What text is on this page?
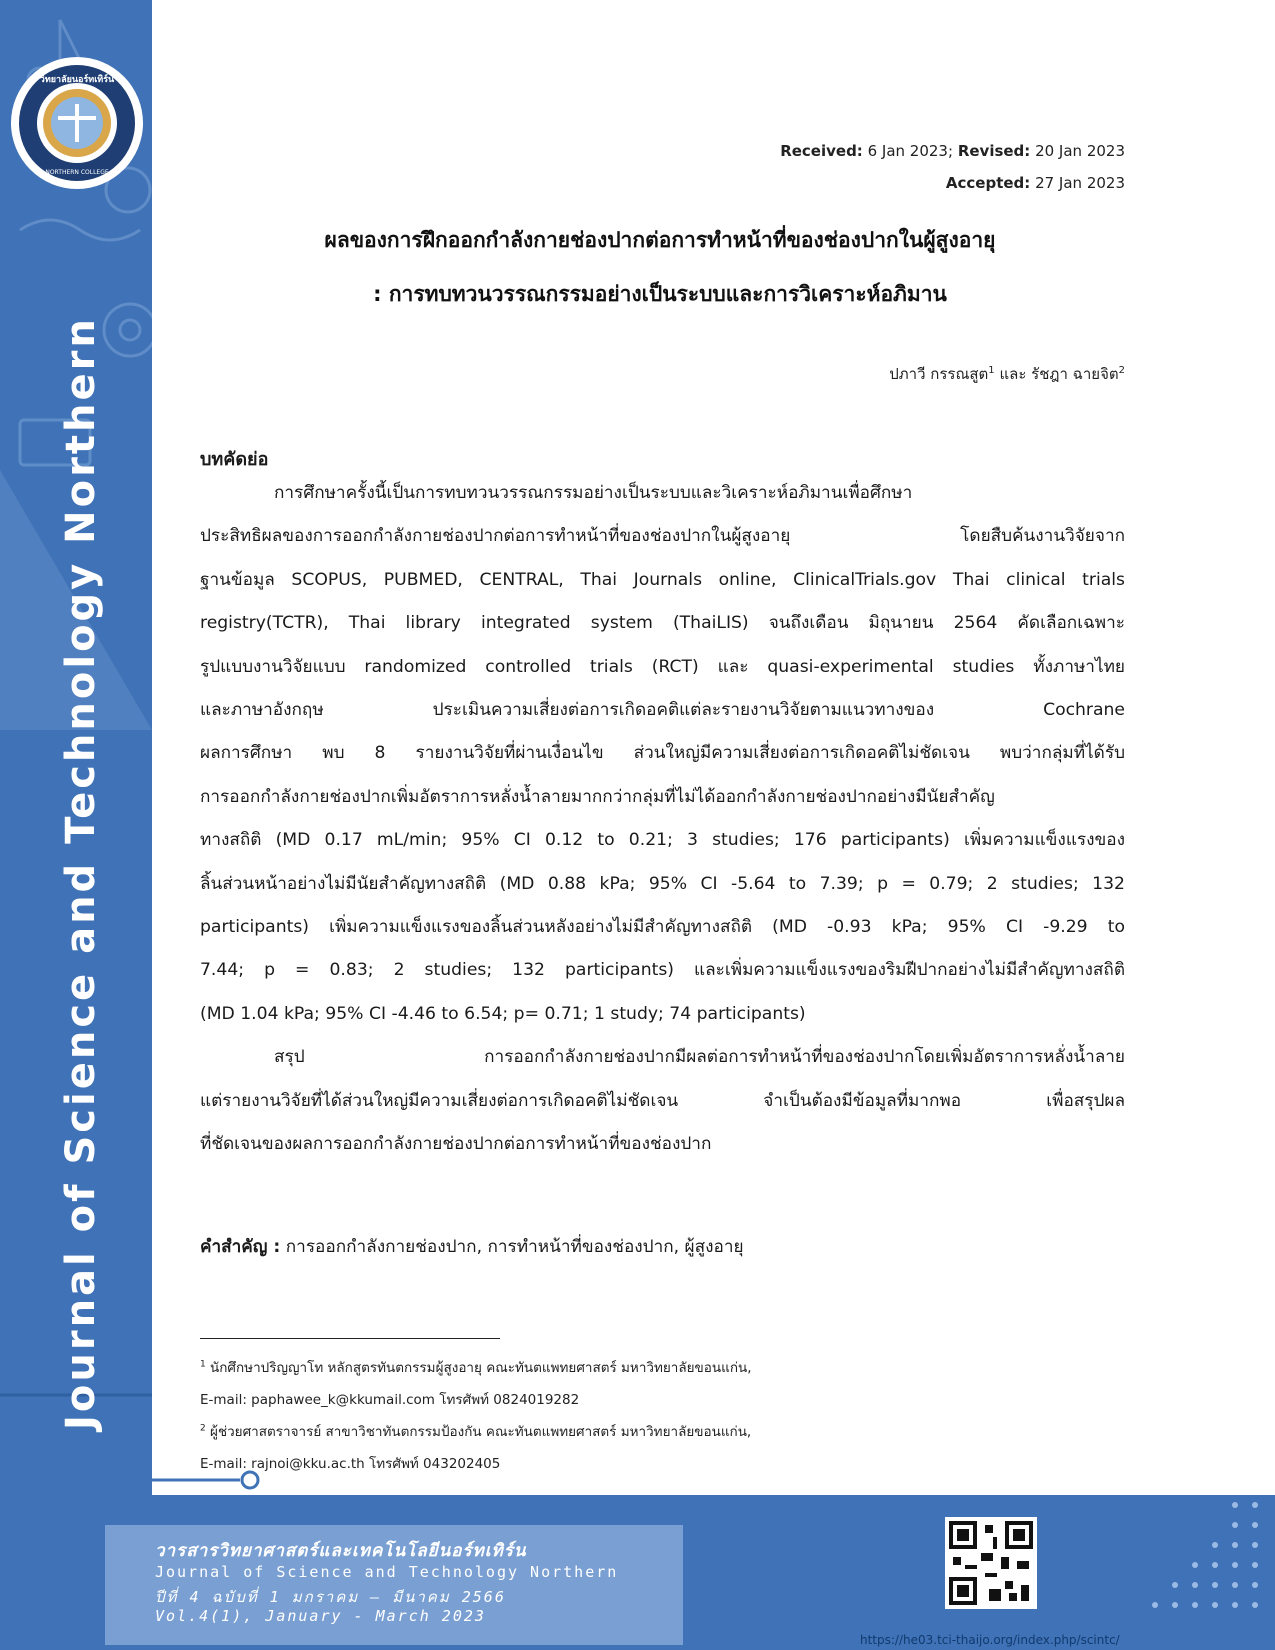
Journal of Science and Technology Northern
วิทยาลัยนอร์ทเทิร์น
NORTHERN COLLEGE
Received: 6 Jan 2023; Revised: 20 Jan 2023
Accepted: 27 Jan 2023
ผลของการฝึกออกกำลังกายช่องปากต่อการทำหน้าที่ของช่องปากในผู้สูงอายุ
: การทบทวนวรรณกรรมอย่างเป็นระบบและการวิเคราะห์อภิมาน
ปภาวี กรรณสูต$^1$ และ รัชฎา ฉายจิต$^2$
บทคัดย่อ
การศึกษาครั้งนี้เป็นการทบทวนวรรณกรรมอย่างเป็นระบบและวิเคราะห์อภิมานเพื่อศึกษา
ประสิทธิผลของการออกกำลังกายช่องปากต่อการทำหน้าที่ของช่องปากในผู้สูงอายุ โดยสืบค้นงานวิจัยจาก
ฐานข้อมูล SCOPUS, PUBMED, CENTRAL, Thai Journals online, ClinicalTrials.gov Thai clinical trials
registry(TCTR), Thai library integrated system (ThaiLIS) จนถึงเดือน มิถุนายน 2564 คัดเลือกเฉพาะ
รูปแบบงานวิจัยแบบ randomized controlled trials (RCT) และ quasi-experimental studies ทั้งภาษาไทย
และภาษาอังกฤษ ประเมินความเสี่ยงต่อการเกิดอคติแต่ละรายงานวิจัยตามแนวทางของ Cochrane
ผลการศึกษา พบ 8 รายงานวิจัยที่ผ่านเงื่อนไข ส่วนใหญ่มีความเสี่ยงต่อการเกิดอคติไม่ชัดเจน พบว่ากลุ่มที่ได้รับ
การออกกำลังกายช่องปากเพิ่มอัตราการหลั่งน้ำลายมากกว่ากลุ่มที่ไม่ได้ออกกำลังกายช่องปากอย่างมีนัยสำคัญ
ทางสถิติ (MD 0.17 mL/min; 95% CI 0.12 to 0.21; 3 studies; 176 participants) เพิ่มความแข็งแรงของ
ลิ้นส่วนหน้าอย่างไม่มีนัยสำคัญทางสถิติ (MD 0.88 kPa; 95% CI -5.64 to 7.39; p = 0.79; 2 studies; 132
participants) เพิ่มความแข็งแรงของลิ้นส่วนหลังอย่างไม่มีสำคัญทางสถิติ (MD -0.93 kPa; 95% CI -9.29 to
7.44; p = 0.83; 2 studies; 132 participants) และเพิ่มความแข็งแรงของริมฝีปากอย่างไม่มีสำคัญทางสถิติ
(MD 1.04 kPa; 95% CI -4.46 to 6.54; p= 0.71; 1 study; 74 participants)
สรุป การออกกำลังกายช่องปากมีผลต่อการทำหน้าที่ของช่องปากโดยเพิ่มอัตราการหลั่งน้ำลาย
แต่รายงานวิจัยที่ได้ส่วนใหญ่มีความเสี่ยงต่อการเกิดอคติไม่ชัดเจน จำเป็นต้องมีข้อมูลที่มากพอ เพื่อสรุปผล
ที่ชัดเจนของผลการออกกำลังกายช่องปากต่อการทำหน้าที่ของช่องปาก
คำสำคัญ : การออกกำลังกายช่องปาก, การทำหน้าที่ของช่องปาก, ผู้สูงอายุ
$^1$ นักศึกษาปริญญาโท หลักสูตรทันตกรรมผู้สูงอายุ คณะทันตแพทยศาสตร์ มหาวิทยาลัยขอนแก่น,
E-mail: paphawee_k@kkumail.com โทรศัพท์ 0824019282
$^2$ ผู้ช่วยศาสตราจารย์ สาขาวิชาทันตกรรมป้องกัน คณะทันตแพทยศาสตร์ มหาวิทยาลัยขอนแก่น,
E-mail: rajnoi@kku.ac.th โทรศัพท์ 043202405
วารสารวิทยาศาสตร์และเทคโนโลยีนอร์ทเทิร์น
Journal of Science and Technology Northern
ปีที่ 4 ฉบับที่ 1 มกราคม – มีนาคม 2566
Vol.4(1), January - March 2023
https://he03.tci-thaijo.org/index.php/scintc/
